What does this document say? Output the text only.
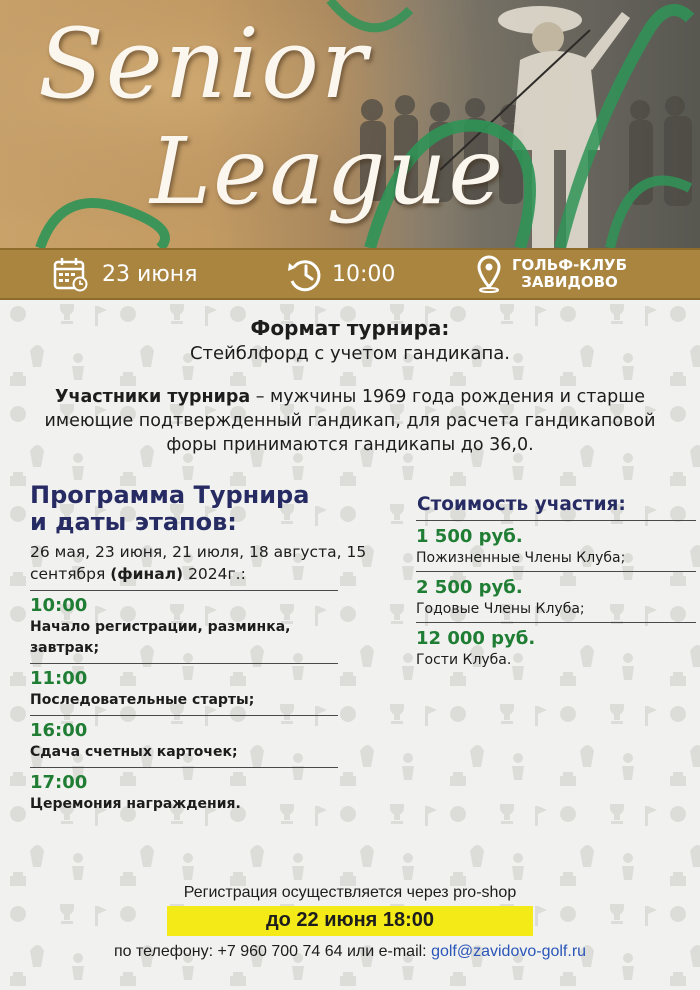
Senior
League
23 июня	10:00	ГОЛЬФ-КЛУБ
ЗАВИДОВО
Формат турнира:
Стейблфорд с учетом гандикапа.
Участники турнира – мужчины 1969 года рождения и старше имеющие подтвержденный гандикап, для расчета гандикаповой форы принимаются гандикапы до 36,0.
Программа Турнира
и даты этапов:
26 мая, 23 июня, 21 июля, 18 августа, 15 сентября (финал) 2024г.:
10:00
Начало регистрации, разминка, завтрак;
11:00
Последовательные старты;
16:00
Сдача счетных карточек;
17:00
Церемония награждения.
Стоимость участия:
1 500 руб.
Пожизненные Члены Клуба;
2 500 руб.
Годовые Члены Клуба;
12 000 руб.
Гости Клуба.
Регистрация осуществляется через pro-shop
до 22 июня 18:00
по телефону: +7 960 700 74 64 или e-mail: golf@zavidovo-golf.ru
